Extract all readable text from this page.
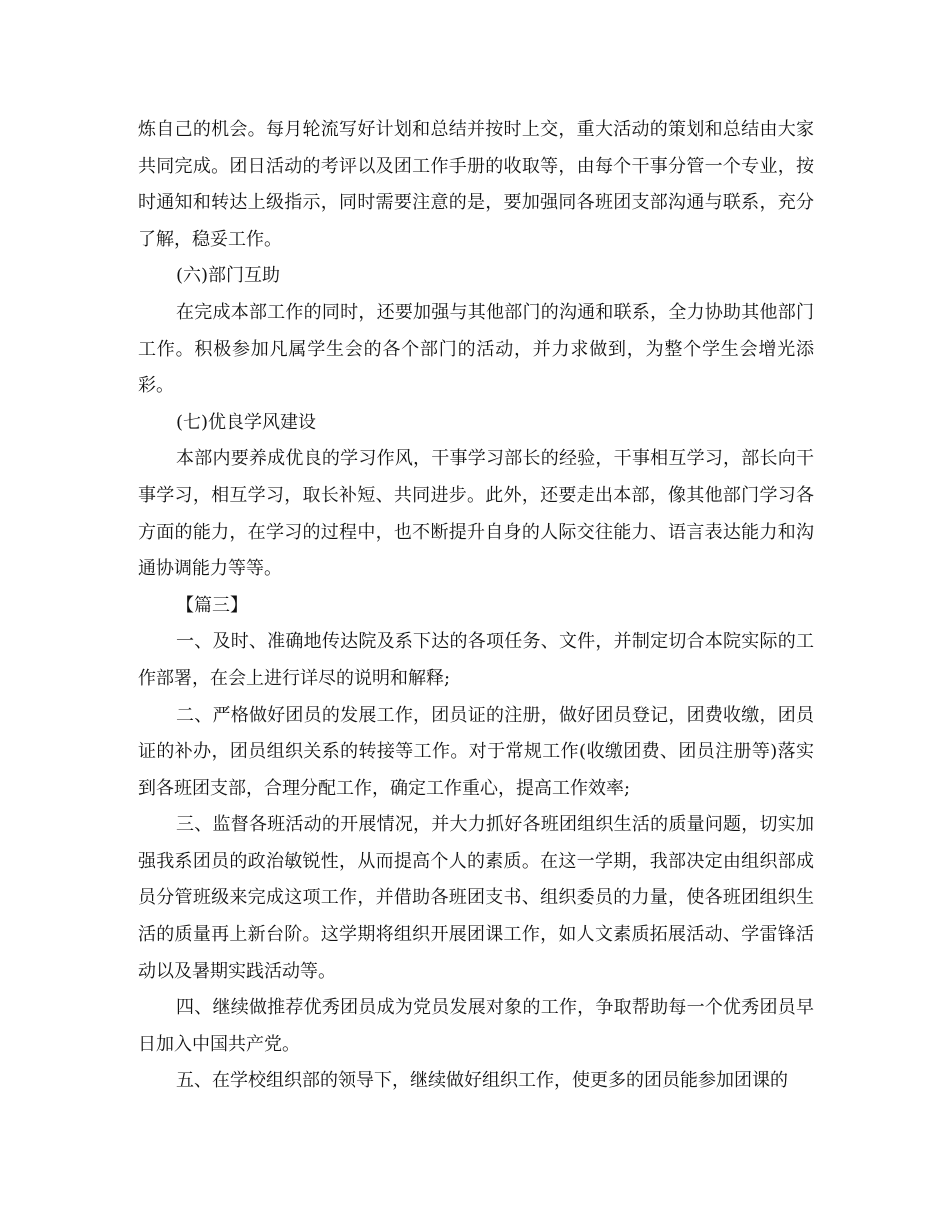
炼自己的机会。每月轮流写好计划和总结并按时上交，重大活动的策划和总结由大家共同完成。团日活动的考评以及团工作手册的收取等，由每个干事分管一个专业，按时通知和转达上级指示，同时需要注意的是，要加强同各班团支部沟通与联系，充分了解，稳妥工作。

(六)部门互助

在完成本部工作的同时，还要加强与其他部门的沟通和联系，全力协助其他部门工作。积极参加凡属学生会的各个部门的活动，并力求做到，为整个学生会增光添彩。

(七)优良学风建设

本部内要养成优良的学习作风，干事学习部长的经验，干事相互学习，部长向干事学习，相互学习，取长补短、共同进步。此外，还要走出本部，像其他部门学习各方面的能力，在学习的过程中，也不断提升自身的人际交往能力、语言表达能力和沟通协调能力等等。

【篇三】

一、及时、准确地传达院及系下达的各项任务、文件，并制定切合本院实际的工作部署，在会上进行详尽的说明和解释;

二、严格做好团员的发展工作，团员证的注册，做好团员登记，团费收缴，团员证的补办，团员组织关系的转接等工作。对于常规工作(收缴团费、团员注册等)落实到各班团支部，合理分配工作，确定工作重心，提高工作效率;

三、监督各班活动的开展情况，并大力抓好各班团组织生活的质量问题，切实加强我系团员的政治敏锐性，从而提高个人的素质。在这一学期，我部决定由组织部成员分管班级来完成这项工作，并借助各班团支书、组织委员的力量，使各班团组织生活的质量再上新台阶。这学期将组织开展团课工作，如人文素质拓展活动、学雷锋活动以及暑期实践活动等。

四、继续做推荐优秀团员成为党员发展对象的工作，争取帮助每一个优秀团员早日加入中国共产党。

五、在学校组织部的领导下，继续做好组织工作，使更多的团员能参加团课的
